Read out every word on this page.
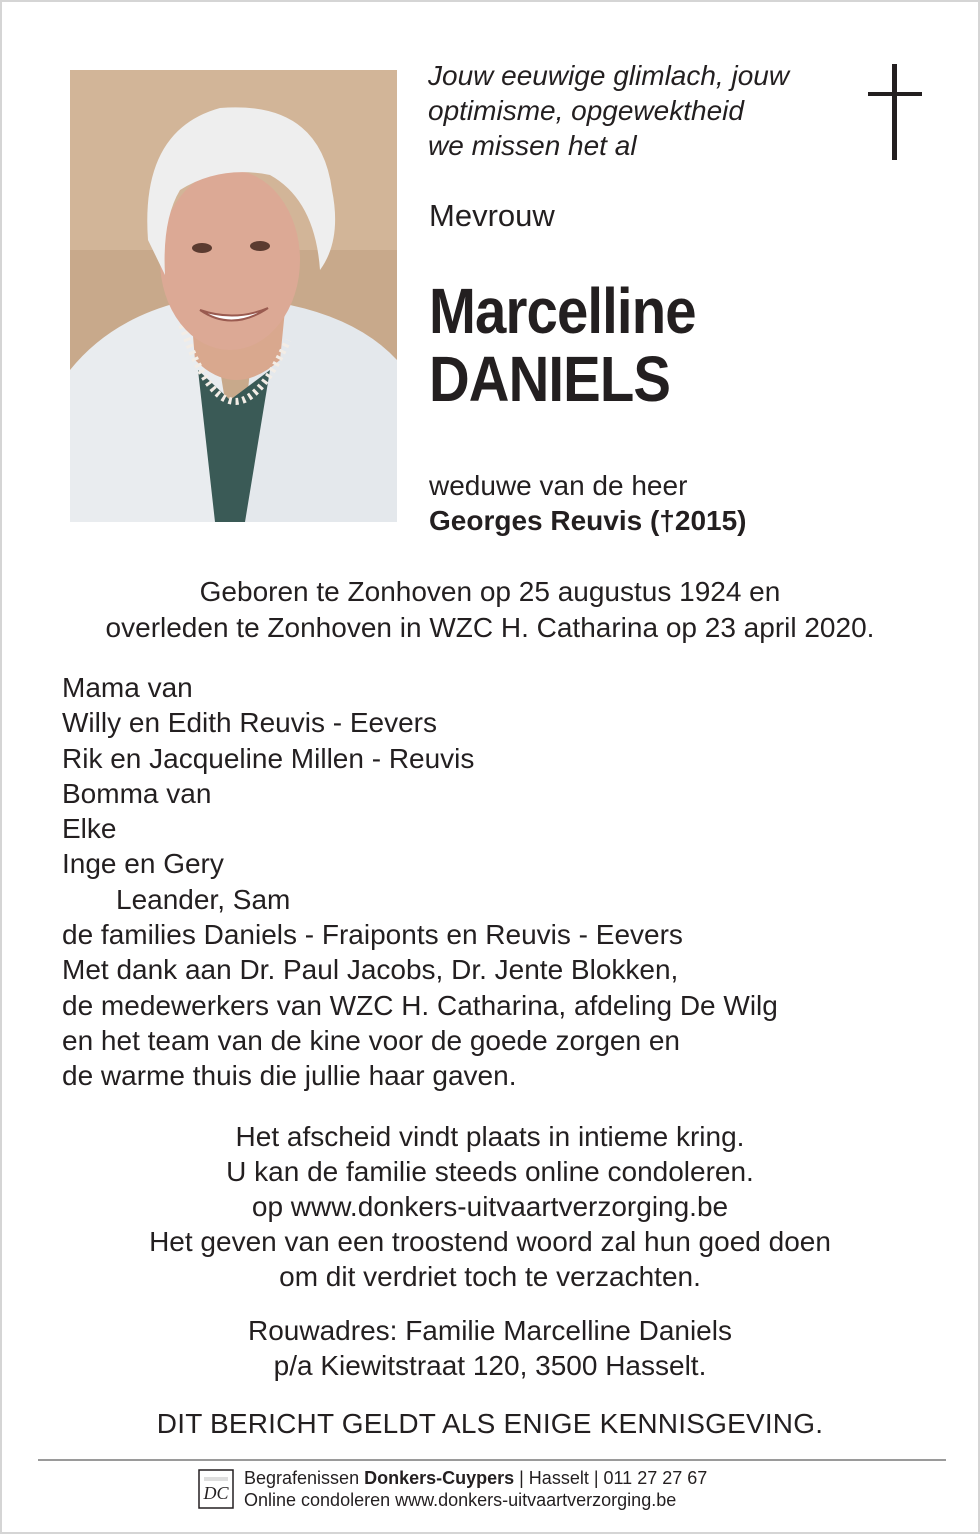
Jouw eeuwige glimlach, jouw
optimisme, opgewektheid
we missen het al
Mevrouw
Marcelline
DANIELS
weduwe van de heer
Georges Reuvis (†2015)
Geboren te Zonhoven op 25 augustus 1924 en
overleden te Zonhoven in WZC H. Catharina op 23 april 2020.
Mama van
Willy en Edith Reuvis - Eevers
Rik en Jacqueline Millen - Reuvis
Bomma van
Elke
Inge en Gery
Leander, Sam
de families Daniels - Fraiponts en Reuvis - Eevers
Met dank aan Dr. Paul Jacobs, Dr. Jente Blokken,
de medewerkers van WZC H. Catharina, afdeling De Wilg
en het team van de kine voor de goede zorgen en
de warme thuis die jullie haar gaven.
Het afscheid vindt plaats in intieme kring.
U kan de familie steeds online condoleren.
op www.donkers-uitvaartverzorging.be
Het geven van een troostend woord zal hun goed doen
om dit verdriet toch te verzachten.
Rouwadres: Familie Marcelline Daniels
p/a Kiewitstraat 120, 3500 Hasselt.
DIT BERICHT GELDT ALS ENIGE KENNISGEVING.
DC
Begrafenissen Donkers-Cuypers | Hasselt | 011 27 27 67
Online condoleren www.donkers-uitvaartverzorging.be
